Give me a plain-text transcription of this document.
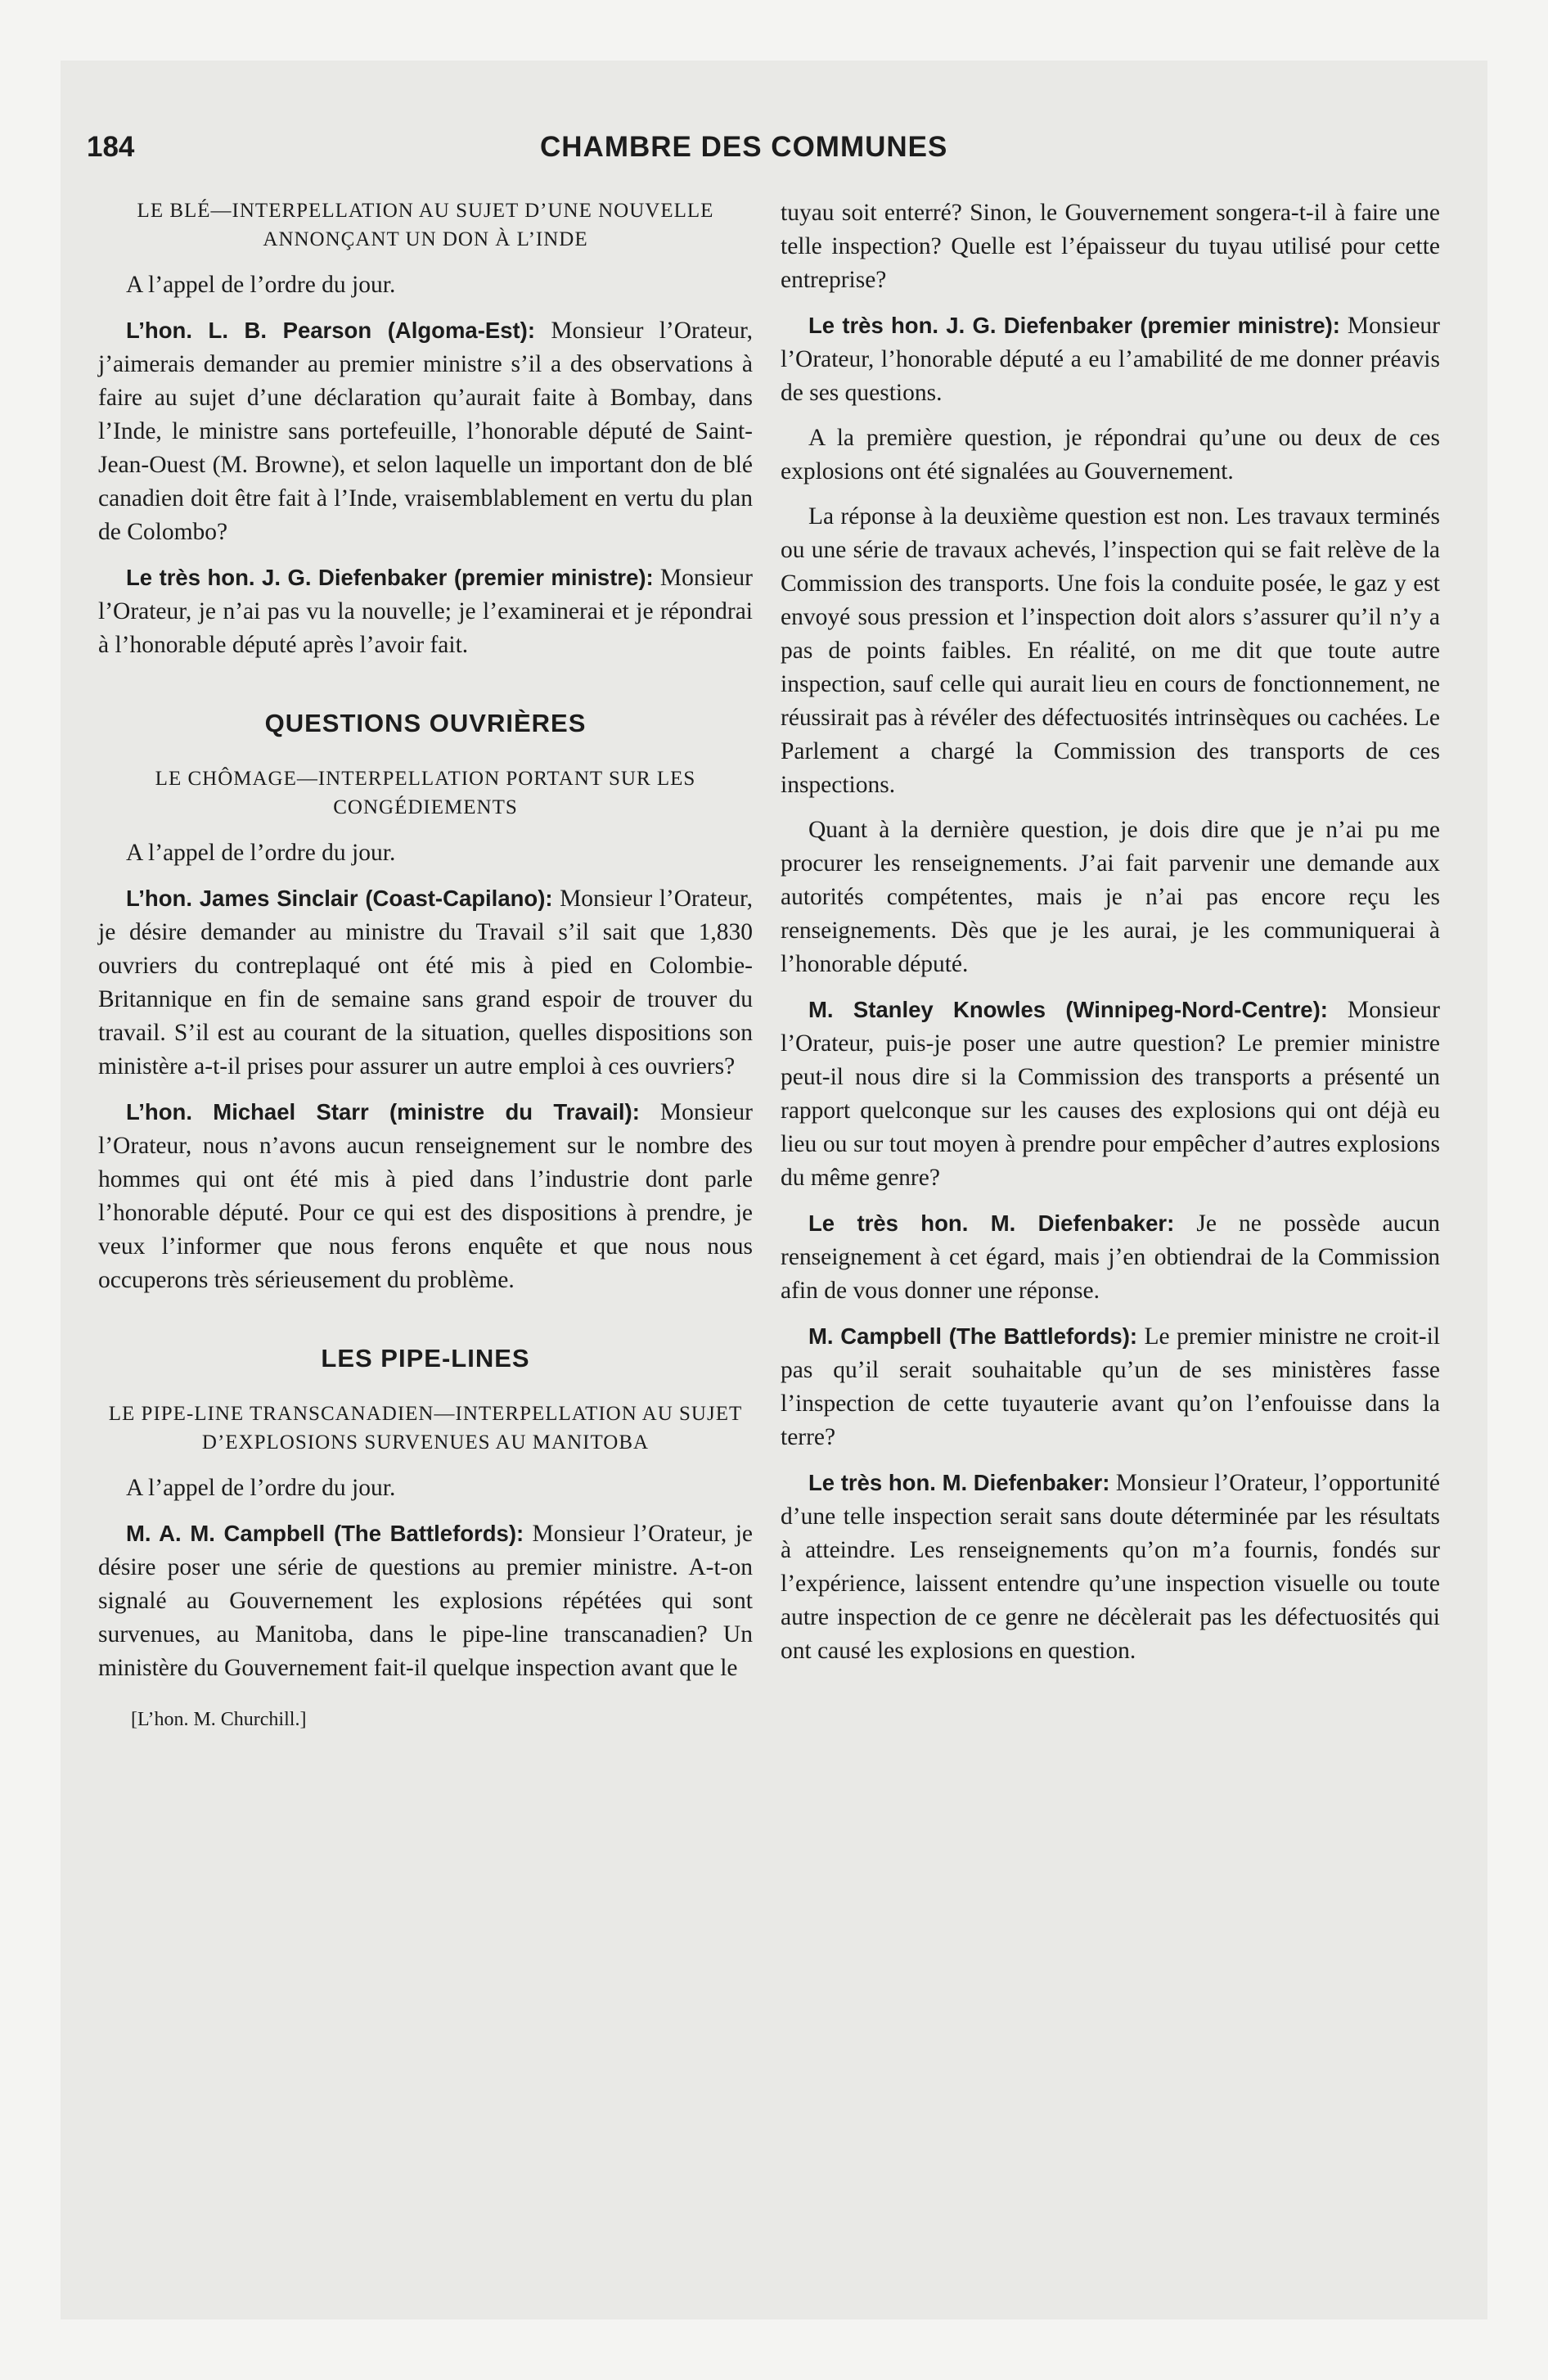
184	CHAMBRE DES COMMUNES
LE BLÉ—INTERPELLATION AU SUJET D’UNE NOUVELLE ANNONÇANT UN DON À L’INDE

A l’appel de l’ordre du jour.

L’hon. L. B. Pearson (Algoma-Est): Monsieur l’Orateur, j’aimerais demander au premier ministre s’il a des observations à faire au sujet d’une déclaration qu’aurait faite à Bombay, dans l’Inde, le ministre sans portefeuille, l’honorable député de Saint-Jean-Ouest (M. Browne), et selon laquelle un important don de blé canadien doit être fait à l’Inde, vraisemblablement en vertu du plan de Colombo?

Le très hon. J. G. Diefenbaker (premier ministre): Monsieur l’Orateur, je n’ai pas vu la nouvelle; je l’examinerai et je répondrai à l’honorable député après l’avoir fait.

QUESTIONS OUVRIÈRES
LE CHÔMAGE—INTERPELLATION PORTANT SUR LES CONGÉDIEMENTS

A l’appel de l’ordre du jour.

L’hon. James Sinclair (Coast-Capilano): Monsieur l’Orateur, je désire demander au ministre du Travail s’il sait que 1,830 ouvriers du contreplaqué ont été mis à pied en Colombie-Britannique en fin de semaine sans grand espoir de trouver du travail. S’il est au courant de la situation, quelles dispositions son ministère a-t-il prises pour assurer un autre emploi à ces ouvriers?

L’hon. Michael Starr (ministre du Travail): Monsieur l’Orateur, nous n’avons aucun renseignement sur le nombre des hommes qui ont été mis à pied dans l’industrie dont parle l’honorable député. Pour ce qui est des dispositions à prendre, je veux l’informer que nous ferons enquête et que nous nous occuperons très sérieusement du problème.

LES PIPE-LINES
LE PIPE-LINE TRANSCANADIEN—INTERPELLATION AU SUJET D’EXPLOSIONS SURVENUES AU MANITOBA

A l’appel de l’ordre du jour.

M. A. M. Campbell (The Battlefords): Monsieur l’Orateur, je désire poser une série de questions au premier ministre. A-t-on signalé au Gouvernement les explosions répétées qui sont survenues, au Manitoba, dans le pipe-line transcanadien? Un ministère du Gouvernement fait-il quelque inspection avant que le

[L’hon. M. Churchill.]

tuyau soit enterré? Sinon, le Gouvernement songera-t-il à faire une telle inspection? Quelle est l’épaisseur du tuyau utilisé pour cette entreprise?

Le très hon. J. G. Diefenbaker (premier ministre): Monsieur l’Orateur, l’honorable député a eu l’amabilité de me donner préavis de ses questions.

A la première question, je répondrai qu’une ou deux de ces explosions ont été signalées au Gouvernement.

La réponse à la deuxième question est non. Les travaux terminés ou une série de travaux achevés, l’inspection qui se fait relève de la Commission des transports. Une fois la conduite posée, le gaz y est envoyé sous pression et l’inspection doit alors s’assurer qu’il n’y a pas de points faibles. En réalité, on me dit que toute autre inspection, sauf celle qui aurait lieu en cours de fonctionnement, ne réussirait pas à révéler des défectuosités intrinsèques ou cachées. Le Parlement a chargé la Commission des transports de ces inspections.

Quant à la dernière question, je dois dire que je n’ai pu me procurer les renseignements. J’ai fait parvenir une demande aux autorités compétentes, mais je n’ai pas encore reçu les renseignements. Dès que je les aurai, je les communiquerai à l’honorable député.

M. Stanley Knowles (Winnipeg-Nord-Centre): Monsieur l’Orateur, puis-je poser une autre question? Le premier ministre peut-il nous dire si la Commission des transports a présenté un rapport quelconque sur les causes des explosions qui ont déjà eu lieu ou sur tout moyen à prendre pour empêcher d’autres explosions du même genre?

Le très hon. M. Diefenbaker: Je ne possède aucun renseignement à cet égard, mais j’en obtiendrai de la Commission afin de vous donner une réponse.

M. Campbell (The Battlefords): Le premier ministre ne croit-il pas qu’il serait souhaitable qu’un de ses ministères fasse l’inspection de cette tuyauterie avant qu’on l’enfouisse dans la terre?

Le très hon. M. Diefenbaker: Monsieur l’Orateur, l’opportunité d’une telle inspection serait sans doute déterminée par les résultats à atteindre. Les renseignements qu’on m’a fournis, fondés sur l’expérience, laissent entendre qu’une inspection visuelle ou toute autre inspection de ce genre ne décèlerait pas les défectuosités qui ont causé les explosions en question.
